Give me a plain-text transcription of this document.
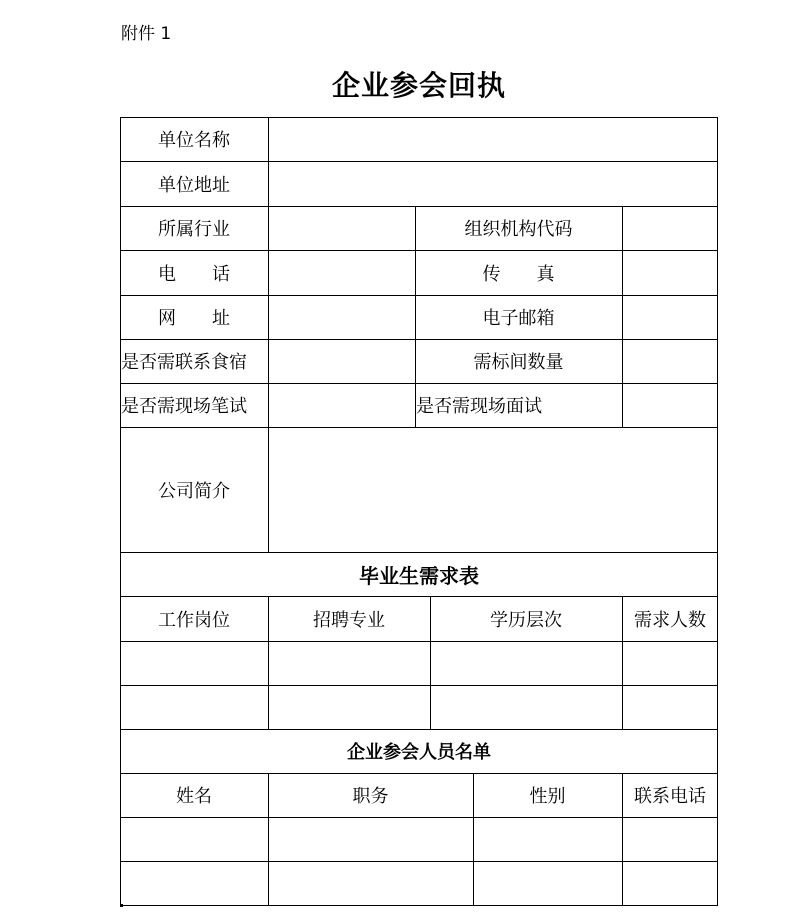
附件 1
企业参会回执
单位名称
单位地址
所属行业	组织机构代码
电　　话	传　　真
网　　址	电子邮箱
是否需联系食宿	需标间数量
是否需现场笔试	是否需现场面试
公司简介
毕业生需求表
工作岗位	招聘专业	学历层次	需求人数
企业参会人员名单
姓名	职务	性别	联系电话
